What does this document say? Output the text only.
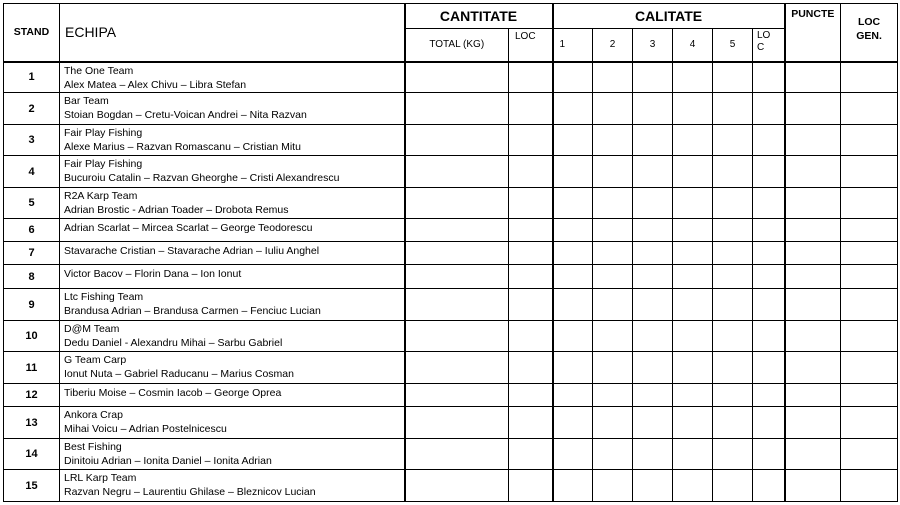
STAND	ECHIPA	CANTITATE		CALITATE						PUNCTE	LOC
GEN.

		TOTAL (KG)	LOC	1	2	3	4	5	LO
C		

1	The One Team
Alex Matea – Alex Chivu – Libra Stefan										

2	Bar Team
Stoian Bogdan – Cretu-Voican Andrei – Nita Razvan										

3	Fair Play Fishing
Alexe Marius – Razvan Romascanu – Cristian Mitu										

4	Fair Play Fishing
Bucuroiu Catalin – Razvan Gheorghe – Cristi Alexandrescu										

5	R2A Karp Team
Adrian Brostic - Adrian Toader – Drobota Remus										

6	Adrian Scarlat – Mircea Scarlat – George Teodorescu										

7	Stavarache Cristian – Stavarache Adrian – Iuliu Anghel										

8	Victor Bacov – Florin Dana – Ion Ionut										

9	Ltc Fishing Team
Brandusa Adrian – Brandusa Carmen – Fenciuc Lucian										

10	D@M Team
Dedu Daniel - Alexandru Mihai – Sarbu Gabriel										

11	G Team Carp
Ionut Nuta – Gabriel Raducanu – Marius Cosman										

12	Tiberiu Moise – Cosmin Iacob – George Oprea										

13	Ankora Crap
Mihai Voicu – Adrian Postelnicescu										

14	Best Fishing
Dinitoiu Adrian – Ionita Daniel – Ionita Adrian										

15	LRL Karp Team
Razvan Negru – Laurentiu Ghilase – Bleznicov Lucian										
